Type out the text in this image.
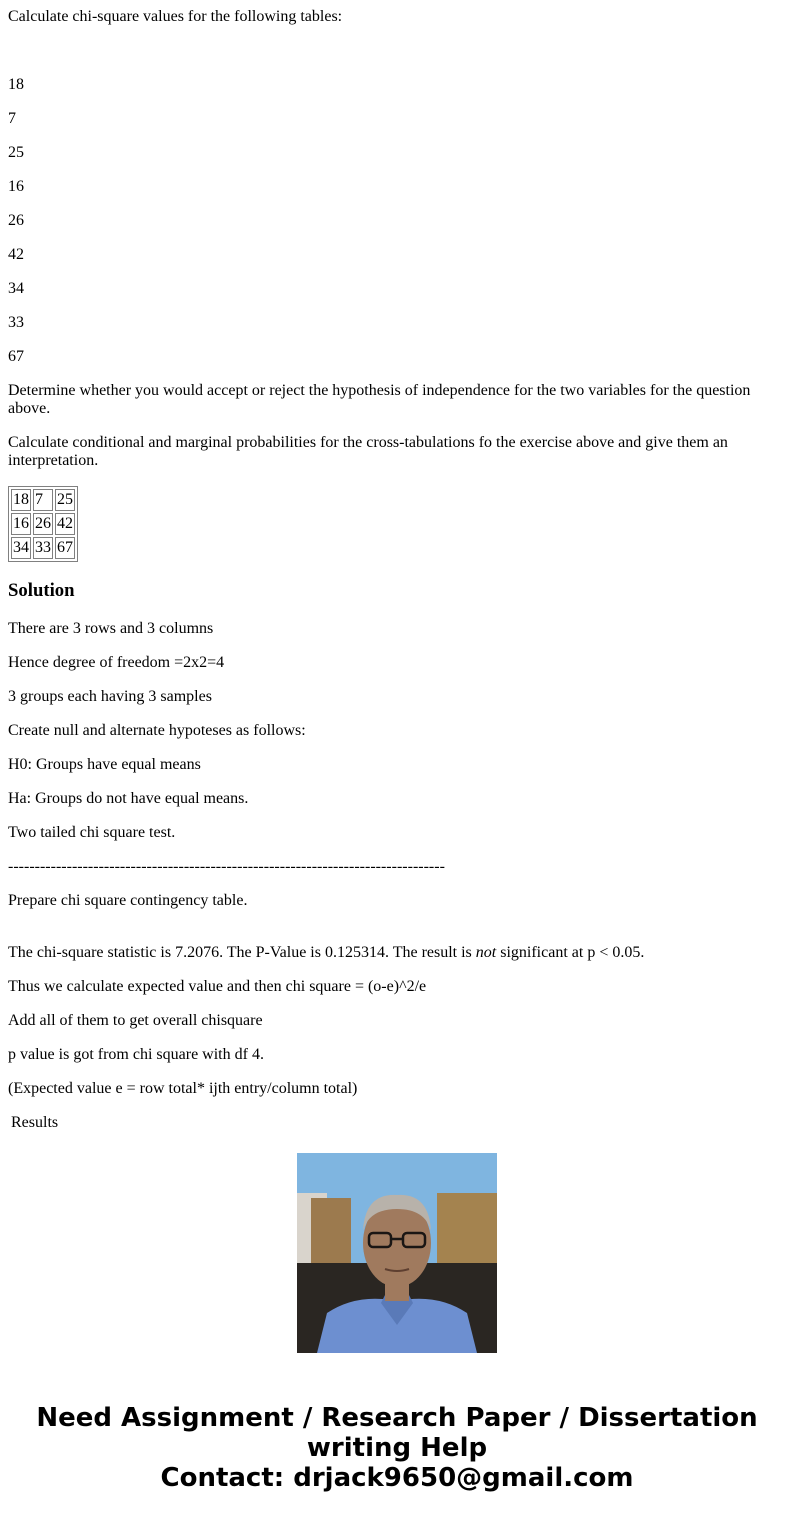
Calculate chi-square values for the following tables:

18

7

25

16

26

42

34

33

67

Determine whether you would accept or reject the hypothesis of independence for the two variables for the question above.

Calculate conditional and marginal probabilities for the cross-tabulations fo the exercise above and give them an interpretation.

18	7	25
16	26	42
34	33	67
Solution

There are 3 rows and 3 columns

Hence degree of freedom =2x2=4

3 groups each having 3 samples

Create null and alternate hypoteses as follows:

H0: Groups have equal means

Ha: Groups do not have equal means.

Two tailed chi square test.

----------------------------------------------------------------------------------

Prepare chi square contingency table.

The chi-square statistic is 7.2076. The P-Value is 0.125314. The result is not significant at p < 0.05.

Thus we calculate expected value and then chi square = (o-e)^2/e

Add all of them to get overall chisquare

p value is got from chi square with df 4.

(Expected value e = row total* ijth entry/column total)

Results

Need Assignment / Research Paper / Dissertation
writing Help
Contact: drjack9650@gmail.com
